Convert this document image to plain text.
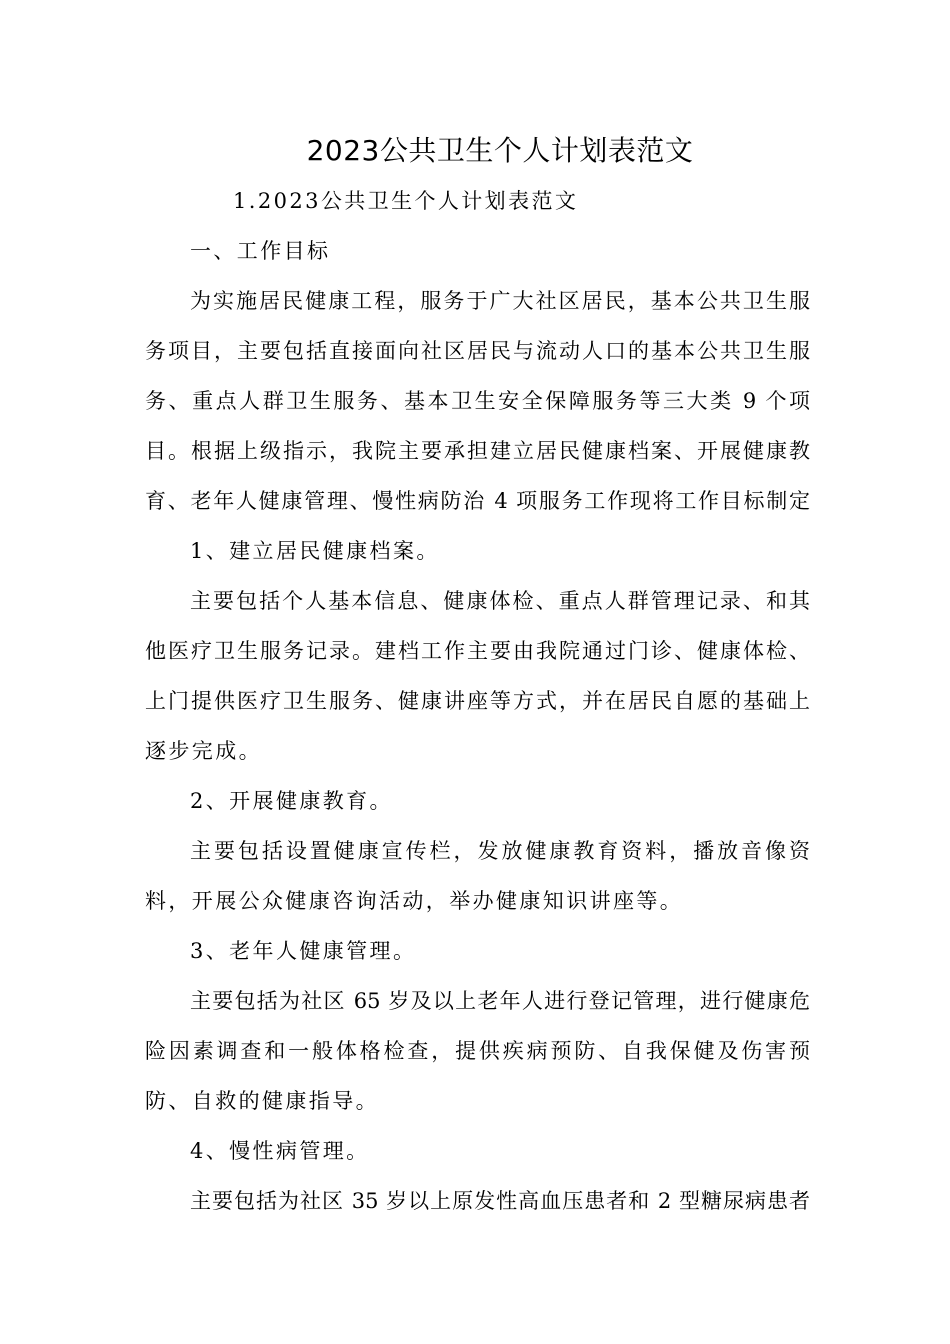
2023公共卫生个人计划表范文
1.2023公共卫生个人计划表范文
一、工作目标
为实施居民健康工程，服务于广大社区居民，基本公共卫生服
务项目，主要包括直接面向社区居民与流动人口的基本公共卫生服
务、重点人群卫生服务、基本卫生安全保障服务等三大类 9 个项
目。根据上级指示，我院主要承担建立居民健康档案、开展健康教
育、老年人健康管理、慢性病防治 4 项服务工作现将工作目标制定
1、建立居民健康档案。
主要包括个人基本信息、健康体检、重点人群管理记录、和其
他医疗卫生服务记录。建档工作主要由我院通过门诊、健康体检、
上门提供医疗卫生服务、健康讲座等方式，并在居民自愿的基础上
逐步完成。
2、开展健康教育。
主要包括设置健康宣传栏，发放健康教育资料，播放音像资
料，开展公众健康咨询活动，举办健康知识讲座等。
3、老年人健康管理。
主要包括为社区 65 岁及以上老年人进行登记管理，进行健康危
险因素调查和一般体格检查，提供疾病预防、自我保健及伤害预
防、自救的健康指导。
4、慢性病管理。
主要包括为社区 35 岁以上原发性高血压患者和 2 型糖尿病患者
